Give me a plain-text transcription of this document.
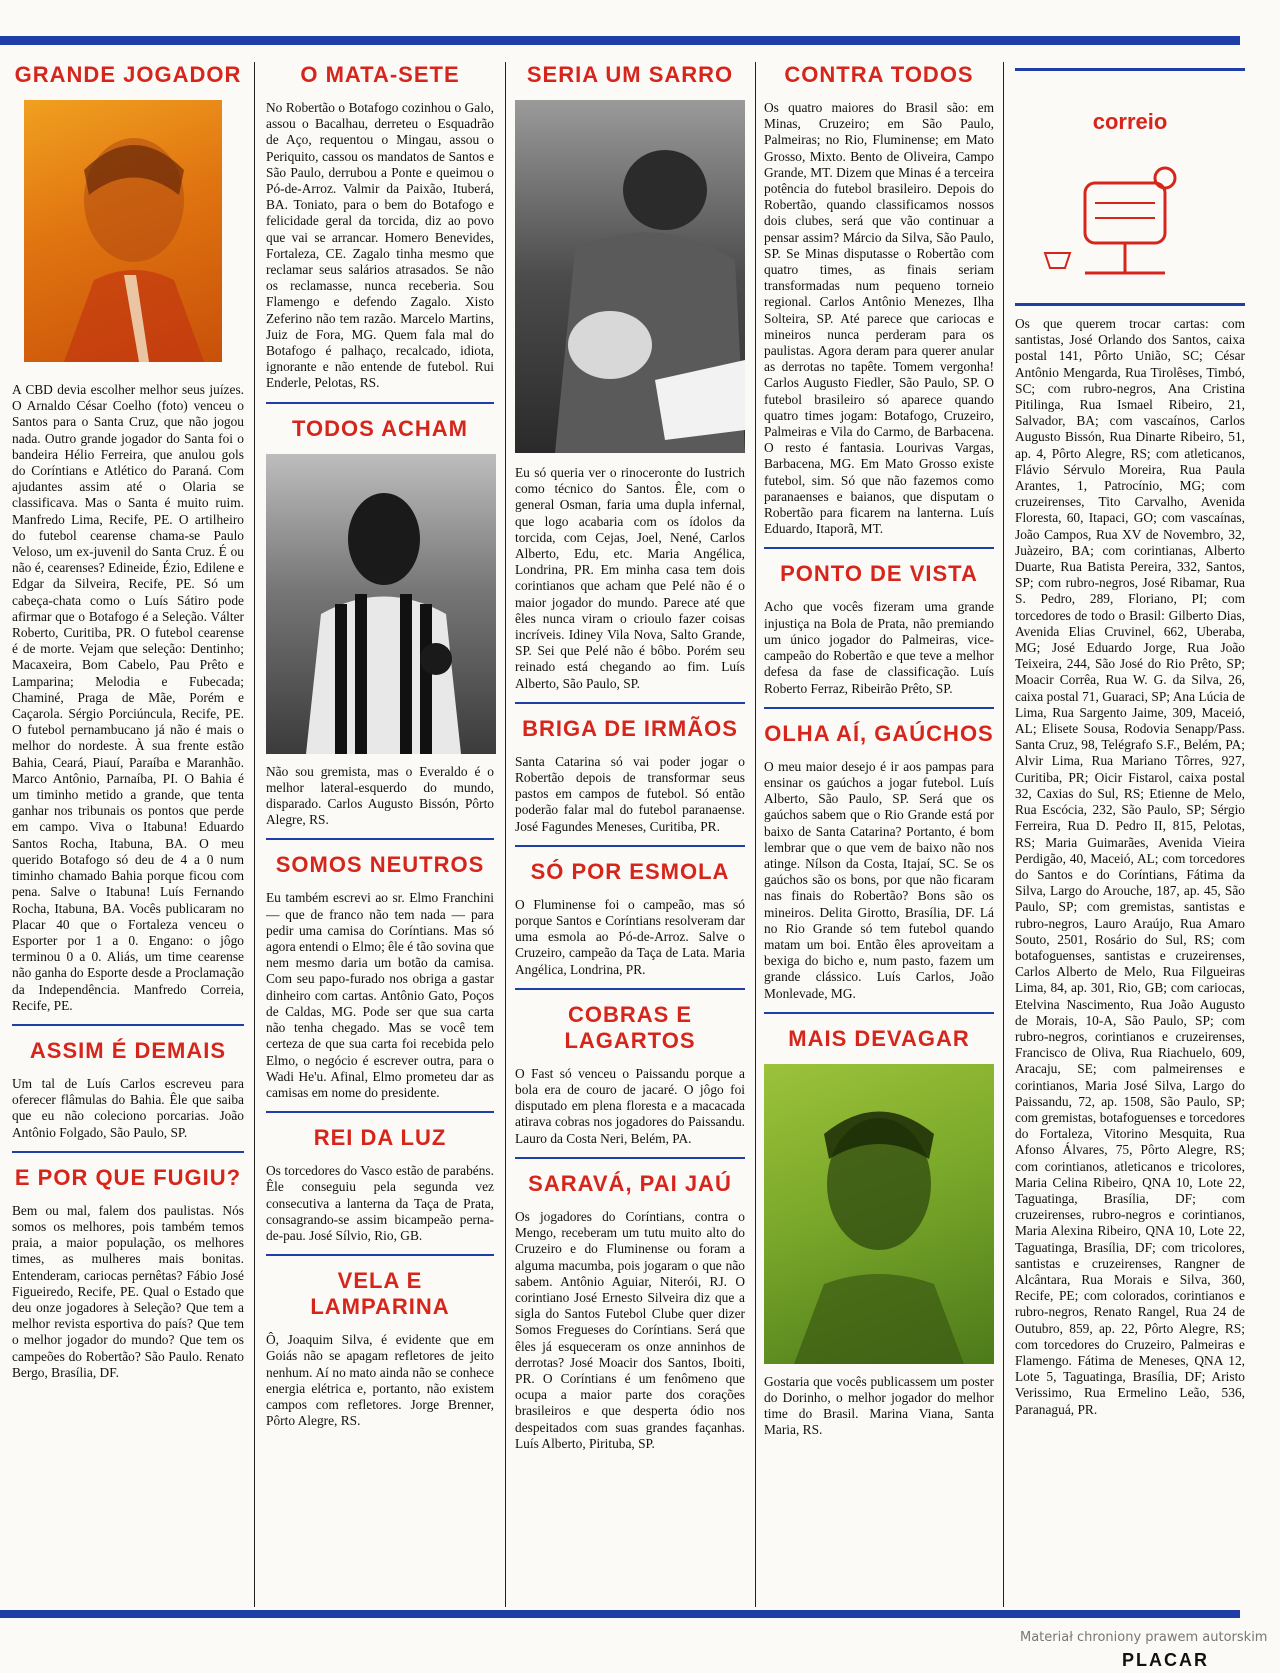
GRANDE JOGADOR

A CBD devia escolher melhor seus juízes. O Arnaldo César Coelho (foto) venceu o Santos para o Santa Cruz, que não jogou nada. Outro grande jogador do Santa foi o bandeira Hélio Ferreira, que anulou gols do Coríntians e Atlético do Paraná. Com ajudantes assim até o Olaria se classificava. Mas o Santa é muito ruim. Manfredo Lima, Recife, PE. O artilheiro do futebol cearense chama-se Paulo Veloso, um ex-juvenil do Santa Cruz. É ou não é, cearenses? Edineide, Ézio, Edilene e Edgar da Silveira, Recife, PE. Só um cabeça-chata como o Luís Sátiro pode afirmar que o Botafogo é a Seleção. Válter Roberto, Curitiba, PR. O futebol cearense é de morte. Vejam que seleção: Dentinho; Macaxeira, Bom Cabelo, Pau Prêto e Lamparina; Melodia e Fubecada; Chaminé, Praga de Mãe, Porém e Caçarola. Sérgio Porciúncula, Recife, PE. O futebol pernambucano já não é mais o melhor do nordeste. À sua frente estão Bahia, Ceará, Piauí, Paraíba e Maranhão. Marco Antônio, Parnaíba, PI. O Bahia é um timinho metido a grande, que tenta ganhar nos tribunais os pontos que perde em campo. Viva o Itabuna! Eduardo Santos Rocha, Itabuna, BA. O meu querido Botafogo só deu de 4 a 0 num timinho chamado Bahia porque ficou com pena. Salve o Itabuna! Luís Fernando Rocha, Itabuna, BA. Vocês publicaram no Placar 40 que o Fortaleza venceu o Esporter por 1 a 0. Engano: o jôgo terminou 0 a 0. Aliás, um time cearense não ganha do Esporte desde a Proclamação da Independência. Manfredo Correia, Recife, PE.

ASSIM É DEMAIS

Um tal de Luís Carlos escreveu para oferecer flâmulas do Bahia. Êle que saiba que eu não coleciono porcarias. João Antônio Folgado, São Paulo, SP.

E POR QUE FUGIU?

Bem ou mal, falem dos paulistas. Nós somos os melhores, pois também temos praia, a maior população, os melhores times, as mulheres mais bonitas. Entenderam, cariocas pernêtas? Fábio José Figueiredo, Recife, PE. Qual o Estado que deu onze jogadores à Seleção? Que tem a melhor revista esportiva do país? Que tem o melhor jogador do mundo? Que tem os campeões do Robertão? São Paulo. Renato Bergo, Brasília, DF.

O MATA-SETE

No Robertão o Botafogo cozinhou o Galo, assou o Bacalhau, derreteu o Esquadrão de Aço, requentou o Mingau, assou o Periquito, cassou os mandatos de Santos e São Paulo, derrubou a Ponte e queimou o Pó-de-Arroz. Valmir da Paixão, Ituberá, BA. Toniato, para o bem do Botafogo e felicidade geral da torcida, diz ao povo que vai se arrancar. Homero Benevides, Fortaleza, CE. Zagalo tinha mesmo que reclamar seus salários atrasados. Se não os reclamasse, nunca receberia. Sou Flamengo e defendo Zagalo. Xisto Zeferino não tem razão. Marcelo Martins, Juiz de Fora, MG. Quem fala mal do Botafogo é palhaço, recalcado, idiota, ignorante e não entende de futebol. Rui Enderle, Pelotas, RS.

TODOS ACHAM

Não sou gremista, mas o Everaldo é o melhor lateral-esquerdo do mundo, disparado. Carlos Augusto Bissón, Pôrto Alegre, RS.

SOMOS NEUTROS

Eu também escrevi ao sr. Elmo Franchini — que de franco não tem nada — para pedir uma camisa do Coríntians. Mas só agora entendi o Elmo; êle é tão sovina que nem mesmo daria um botão da camisa. Com seu papo-furado nos obriga a gastar dinheiro com cartas. Antônio Gato, Poços de Caldas, MG. Pode ser que sua carta não tenha chegado. Mas se você tem certeza de que sua carta foi recebida pelo Elmo, o negócio é escrever outra, para o Wadi He'u. Afinal, Elmo prometeu dar as camisas em nome do presidente.

REI DA LUZ

Os torcedores do Vasco estão de parabéns. Êle conseguiu pela segunda vez consecutiva a lanterna da Taça de Prata, consagrando-se assim bicampeão perna-de-pau. José Sílvio, Rio, GB.

VELA E LAMPARINA

Ô, Joaquim Silva, é evidente que em Goiás não se apagam refletores de jeito nenhum. Aí no mato ainda não se conhece energia elétrica e, portanto, não existem campos com refletores. Jorge Brenner, Pôrto Alegre, RS.

SERIA UM SARRO

Eu só queria ver o rinoceronte do Iustrich como técnico do Santos. Êle, com o general Osman, faria uma dupla infernal, que logo acabaria com os ídolos da torcida, com Cejas, Joel, Nené, Carlos Alberto, Edu, etc. Maria Angélica, Londrina, PR. Em minha casa tem dois corintianos que acham que Pelé não é o maior jogador do mundo. Parece até que êles nunca viram o crioulo fazer coisas incríveis. Idiney Vila Nova, Salto Grande, SP. Sei que Pelé não é bôbo. Porém seu reinado está chegando ao fim. Luís Alberto, São Paulo, SP.

BRIGA DE IRMÃOS

Santa Catarina só vai poder jogar o Robertão depois de transformar seus pastos em campos de futebol. Só então poderão falar mal do futebol paranaense. José Fagundes Meneses, Curitiba, PR.

SÓ POR ESMOLA

O Fluminense foi o campeão, mas só porque Santos e Coríntians resolveram dar uma esmola ao Pó-de-Arroz. Salve o Cruzeiro, campeão da Taça de Lata. Maria Angélica, Londrina, PR.

COBRAS E LAGARTOS

O Fast só venceu o Paissandu porque a bola era de couro de jacaré. O jôgo foi disputado em plena floresta e a macacada atirava cobras nos jogadores do Paissandu. Lauro da Costa Neri, Belém, PA.

SARAVÁ, PAI JAÚ

Os jogadores do Coríntians, contra o Mengo, receberam um tutu muito alto do Cruzeiro e do Fluminense ou foram a alguma macumba, pois jogaram o que não sabem. Antônio Aguiar, Niterói, RJ. O corintiano José Ernesto Silveira diz que a sigla do Santos Futebol Clube quer dizer Somos Fregueses do Coríntians. Será que êles já esqueceram os onze anninhos de derrotas? José Moacir dos Santos, Iboiti, PR. O Coríntians é um fenômeno que ocupa a maior parte dos corações brasileiros e que desperta ódio nos despeitados com suas grandes façanhas. Luís Alberto, Pirituba, SP.

CONTRA TODOS

Os quatro maiores do Brasil são: em Minas, Cruzeiro; em São Paulo, Palmeiras; no Rio, Fluminense; em Mato Grosso, Mixto. Bento de Oliveira, Campo Grande, MT. Dizem que Minas é a terceira potência do futebol brasileiro. Depois do Robertão, quando classificamos nossos dois clubes, será que vão continuar a pensar assim? Márcio da Silva, São Paulo, SP. Se Minas disputasse o Robertão com quatro times, as finais seriam transformadas num pequeno torneio regional. Carlos Antônio Menezes, Ilha Solteira, SP. Até parece que cariocas e mineiros nunca perderam para os paulistas. Agora deram para querer anular as derrotas no tapête. Tomem vergonha! Carlos Augusto Fiedler, São Paulo, SP. O futebol brasileiro só aparece quando quatro times jogam: Botafogo, Cruzeiro, Palmeiras e Vila do Carmo, de Barbacena. O resto é fantasia. Lourivas Vargas, Barbacena, MG. Em Mato Grosso existe futebol, sim. Só que não fazemos como paranaenses e baianos, que disputam o Robertão para ficarem na lanterna. Luís Eduardo, Itaporã, MT.

PONTO DE VISTA

Acho que vocês fizeram uma grande injustiça na Bola de Prata, não premiando um único jogador do Palmeiras, vice-campeão do Robertão e que teve a melhor defesa da fase de classificação. Luís Roberto Ferraz, Ribeirão Prêto, SP.

OLHA AÍ, GAÚCHOS

O meu maior desejo é ir aos pampas para ensinar os gaúchos a jogar futebol. Luís Alberto, São Paulo, SP. Será que os gaúchos sabem que o Rio Grande está por baixo de Santa Catarina? Portanto, é bom lembrar que o que vem de baixo não nos atinge. Nílson da Costa, Itajaí, SC. Se os gaúchos são os bons, por que não ficaram nas finais do Robertão? Bons são os mineiros. Delita Girotto, Brasília, DF. Lá no Rio Grande só tem futebol quando matam um boi. Então êles aproveitam a bexiga do bicho e, num pasto, fazem um grande clássico. Luís Carlos, João Monlevade, MG.

MAIS DEVAGAR

Gostaria que vocês publicassem um poster do Dorinho, o melhor jogador do melhor time do Brasil. Marina Viana, Santa Maria, RS.

correio

Os que querem trocar cartas: com santistas, José Orlando dos Santos, caixa postal 141, Pôrto União, SC; César Antônio Mengarda, Rua Tirolêses, Timbó, SC; com rubro-negros, Ana Cristina Pitilinga, Rua Ismael Ribeiro, 21, Salvador, BA; com vascaínos, Carlos Augusto Bissón, Rua Dinarte Ribeiro, 51, ap. 4, Pôrto Alegre, RS; com atleticanos, Flávio Sérvulo Moreira, Rua Paula Arantes, 1, Patrocínio, MG; com cruzeirenses, Tito Carvalho, Avenida Floresta, 60, Itapaci, GO; com vascaínas, João Campos, Rua XV de Novembro, 32, Juàzeiro, BA; com corintianas, Alberto Duarte, Rua Batista Pereira, 332, Santos, SP; com rubro-negros, José Ribamar, Rua S. Pedro, 289, Floriano, PI; com torcedores de todo o Brasil: Gilberto Dias, Avenida Elias Cruvinel, 662, Uberaba, MG; José Eduardo Jorge, Rua João Teixeira, 244, São José do Rio Prêto, SP; Moacir Corrêa, Rua W. G. da Silva, 26, caixa postal 71, Guaraci, SP; Ana Lúcia de Lima, Rua Sargento Jaime, 309, Maceió, AL; Elisete Sousa, Rodovia Senapp/Pass. Santa Cruz, 98, Telégrafo S.F., Belém, PA; Alvir Lima, Rua Mariano Tôrres, 927, Curitiba, PR; Oicir Fistarol, caixa postal 32, Caxias do Sul, RS; Etienne de Melo, Rua Escócia, 232, São Paulo, SP; Sérgio Ferreira, Rua D. Pedro II, 815, Pelotas, RS; Maria Guimarães, Avenida Vieira Perdigão, 40, Maceió, AL; com torcedores do Santos e do Coríntians, Fátima da Silva, Largo do Arouche, 187, ap. 45, São Paulo, SP; com gremistas, santistas e rubro-negros, Lauro Araújo, Rua Amaro Souto, 2501, Rosário do Sul, RS; com botafoguenses, santistas e cruzeirenses, Carlos Alberto de Melo, Rua Filgueiras Lima, 84, ap. 301, Rio, GB; com cariocas, Etelvina Nascimento, Rua João Augusto de Morais, 10-A, São Paulo, SP; com rubro-negros, corintianos e cruzeirenses, Francisco de Oliva, Rua Riachuelo, 609, Aracaju, SE; com palmeirenses e corintianos, Maria José Silva, Largo do Paissandu, 72, ap. 1508, São Paulo, SP; com gremistas, botafoguenses e torcedores do Fortaleza, Vitorino Mesquita, Rua Afonso Álvares, 75, Pôrto Alegre, RS; com corintianos, atleticanos e tricolores, Maria Celina Ribeiro, QNA 10, Lote 22, Taguatinga, Brasília, DF; com cruzeirenses, rubro-negros e corintianos, Maria Alexina Ribeiro, QNA 10, Lote 22, Taguatinga, Brasília, DF; com tricolores, santistas e cruzeirenses, Rangner de Alcântara, Rua Morais e Silva, 360, Recife, PE; com colorados, corintianos e rubro-negros, Renato Rangel, Rua 24 de Outubro, 859, ap. 22, Pôrto Alegre, RS; com torcedores do Cruzeiro, Palmeiras e Flamengo. Fátima de Meneses, QNA 12, Lote 5, Taguatinga, Brasília, DF; Aristo Verissimo, Rua Ermelino Leão, 536, Paranaguá, PR.

Materiał chroniony prawem autorskim
PLACAR
